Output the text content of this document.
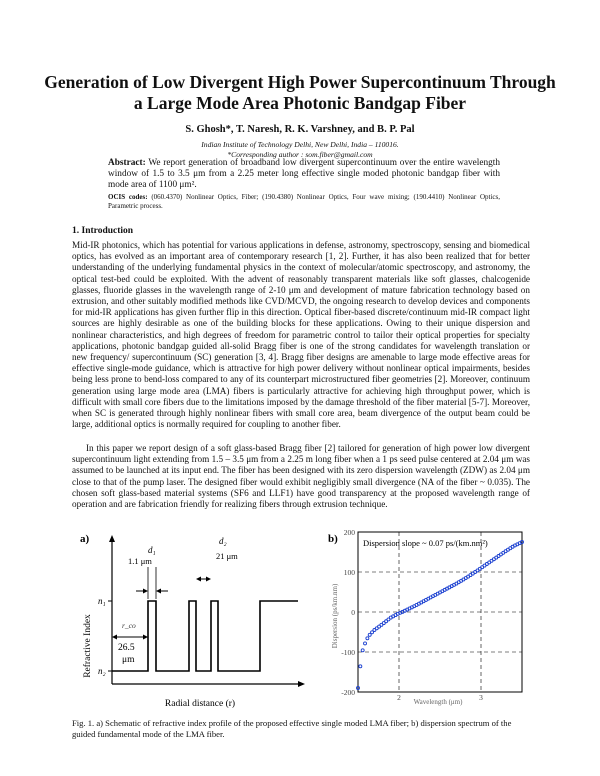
Generation of Low Divergent High Power Supercontinuum Through a Large Mode Area Photonic Bandgap Fiber
S. Ghosh*, T. Naresh, R. K. Varshney, and B. P. Pal
Indian Institute of Technology Delhi, New Delhi, India – 110016.
*Corresponding author : som.fiber@gmail.com
Abstract: We report generation of broadband low divergent supercontinuum over the entire wavelength window of 1.5 to 3.5 μm from a 2.25 meter long effective single moded photonic bandgap fiber with mode area of 1100 μm².
OCIS codes: (060.4370) Nonlinear Optics, Fiber; (190.4380) Nonlinear Optics, Four wave mixing; (190.4410) Nonlinear Optics, Parametric process.
1. Introduction
Mid-IR photonics, which has potential for various applications in defense, astronomy, spectroscopy, sensing and biomedical optics, has evolved as an important area of contemporary research [1, 2]. Further, it has also been realized that for better understanding of the underlying fundamental physics in the context of molecular/atomic spectroscopy, and astronomy, the optical test-bed could be exploited. With the advent of reasonably transparent materials like soft glasses, chalcogenide glasses, fluoride glasses in the wavelength range of 2-10 μm and development of mature fabrication technology based on extrusion, and other suitably modified methods like CVD/MCVD, the ongoing research to develop devices and components for mid-IR applications has given further flip in this direction. Optical fiber-based discrete/continuum mid-IR compact light sources are highly desirable as one of the building blocks for these applications. Owing to their unique dispersion and nonlinear characteristics, and high degrees of freedom for parametric control to tailor their optical properties for specialty applications, photonic bandgap guided all-solid Bragg fiber is one of the strong candidates for wavelength translation or new frequency/ supercontinuum (SC) generation [3, 4]. Bragg fiber designs are amenable to large mode effective areas for effective single-mode guidance, which is attractive for high power delivery without nonlinear optical impairments, besides being less prone to bend-loss compared to any of its counterpart microstructured fiber geometries [2]. Moreover, continuum generation using large mode area (LMA) fibers is particularly attractive for achieving high throughput power, which is difficult with small core fibers due to the limitations imposed by the damage threshold of the fiber material [5-7]. Moreover, when SC is generated through highly nonlinear fibers with small core area, beam divergence of the output beam could be large, additional optics is normally required for coupling to another fiber.
In this paper we report design of a soft glass-based Bragg fiber [2] tailored for generation of high power low divergent supercontinuum light extending from 1.5 – 3.5 μm from a 2.25 m long fiber when a 1 ps seed pulse centered at 2.04 μm was assumed to be launched at its input end. The fiber has been designed with its zero dispersion wavelength (ZDW) as 2.04 μm close to that of the pump laser. The designed fiber would exhibit negligibly small divergence (NA of the fiber ~ 0.035). The chosen soft glass-based material systems (SF6 and LLF1) have good transparency at the proposed wavelength range of operation and are fabrication friendly for realizing fibers through extrusion technique.
a)
Refractive Index
n₁
n₂
d₁
1.1 μm
d₂
21 μm
r_co
26.5
μm
Radial distance (r)
b)
200
100
0
-100
-200
2	3
Dispersion slope ~ 0.07 ps/(km.nm²)
Wavelength (μm)
Dispersion (ps/km.nm)
Fig. 1. a) Schematic of refractive index profile of the proposed effective single moded LMA fiber; b) dispersion spectrum of the guided fundamental mode of the LMA fiber.
